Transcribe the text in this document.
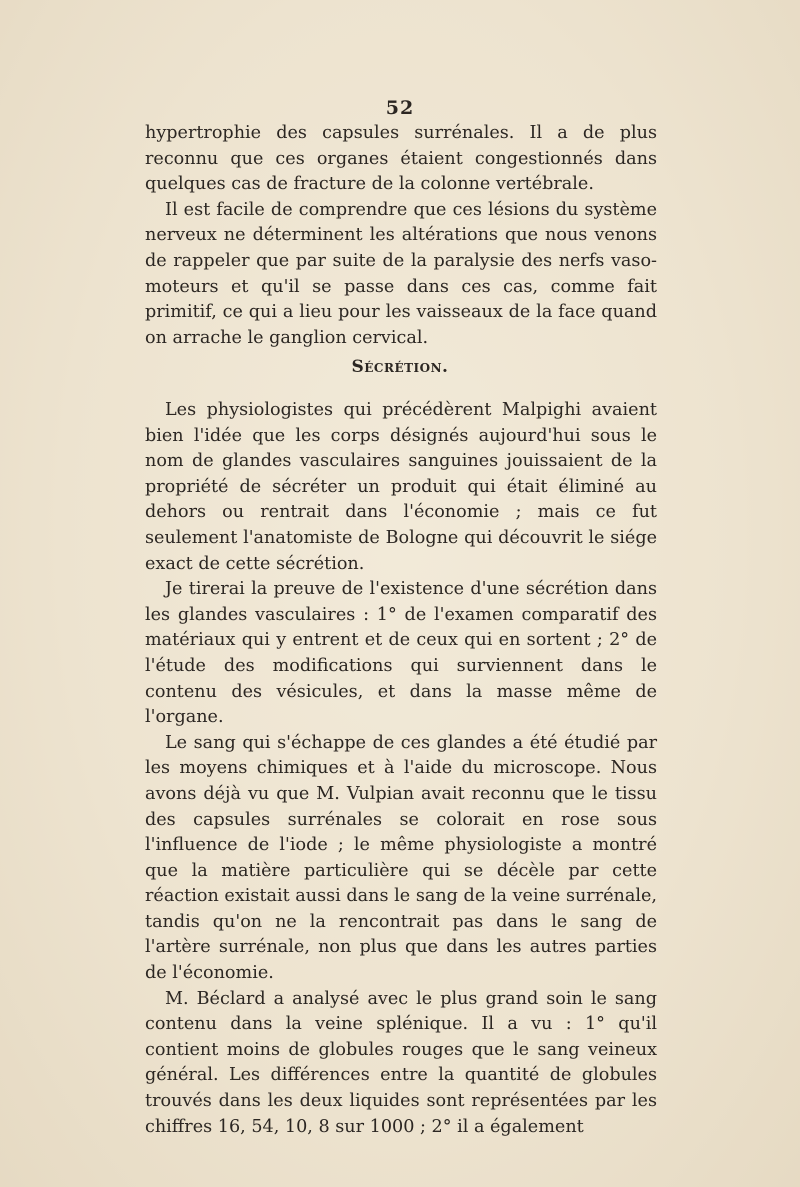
52

hypertrophie des capsules surrénales. Il a de plus reconnu que ces organes étaient congestionnés dans quelques cas de fracture de la colonne vertébrale.

Il est facile de comprendre que ces lésions du système nerveux ne déterminent les altérations que nous venons de rappeler que par suite de la paralysie des nerfs vaso-moteurs et qu'il se passe dans ces cas, comme fait primitif, ce qui a lieu pour les vaisseaux de la face quand on arrache le ganglion cervical.

Sécrétion.

Les physiologistes qui précédèrent Malpighi avaient bien l'idée que les corps désignés aujourd'hui sous le nom de glandes vasculaires sanguines jouissaient de la propriété de sécréter un produit qui était éliminé au dehors ou rentrait dans l'économie ; mais ce fut seulement l'anatomiste de Bologne qui découvrit le siége exact de cette sécrétion.

Je tirerai la preuve de l'existence d'une sécrétion dans les glandes vasculaires : 1° de l'examen comparatif des matériaux qui y entrent et de ceux qui en sortent ; 2° de l'étude des modifications qui surviennent dans le contenu des vésicules, et dans la masse même de l'organe.

Le sang qui s'échappe de ces glandes a été étudié par les moyens chimiques et à l'aide du microscope. Nous avons déjà vu que M. Vulpian avait reconnu que le tissu des capsules surrénales se colorait en rose sous l'influence de l'iode ; le même physiologiste a montré que la matière particulière qui se décèle par cette réaction existait aussi dans le sang de la veine surrénale, tandis qu'on ne la rencontrait pas dans le sang de l'artère surrénale, non plus que dans les autres parties de l'économie.

M. Béclard a analysé avec le plus grand soin le sang contenu dans la veine splénique. Il a vu : 1° qu'il contient moins de globules rouges que le sang veineux général. Les différences entre la quantité de globules trouvés dans les deux liquides sont représentées par les chiffres 16, 54, 10, 8 sur 1000 ; 2° il a également
